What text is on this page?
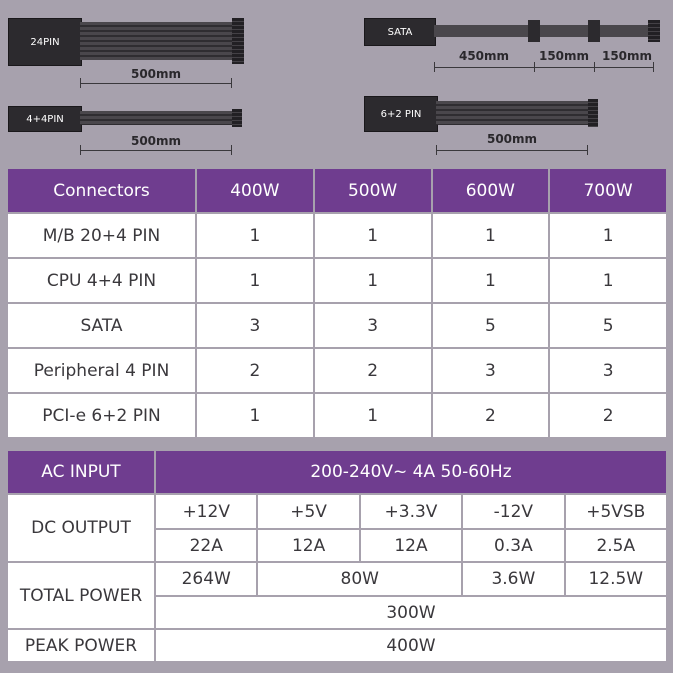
24PIN
500mm
SATA
450mm	150mm	150mm
4+4PIN
500mm
6+2 PIN
500mm
Connectors	400W	500W	600W	700W
M/B 20+4 PIN	1	1	1	1
CPU 4+4 PIN	1	1	1	1
SATA	3	3	5	5
Peripheral 4 PIN	2	2	3	3
PCI-e 6+2 PIN	1	1	2	2
AC INPUT	200-240V~ 4A 50-60Hz				
DC OUTPUT	+12V	+5V	+3.3V	-12V	+5VSB
	22A	12A	12A	0.3A	2.5A
TOTAL POWER	264W	80W		3.6W	12.5W
	300W				
PEAK POWER	400W				
